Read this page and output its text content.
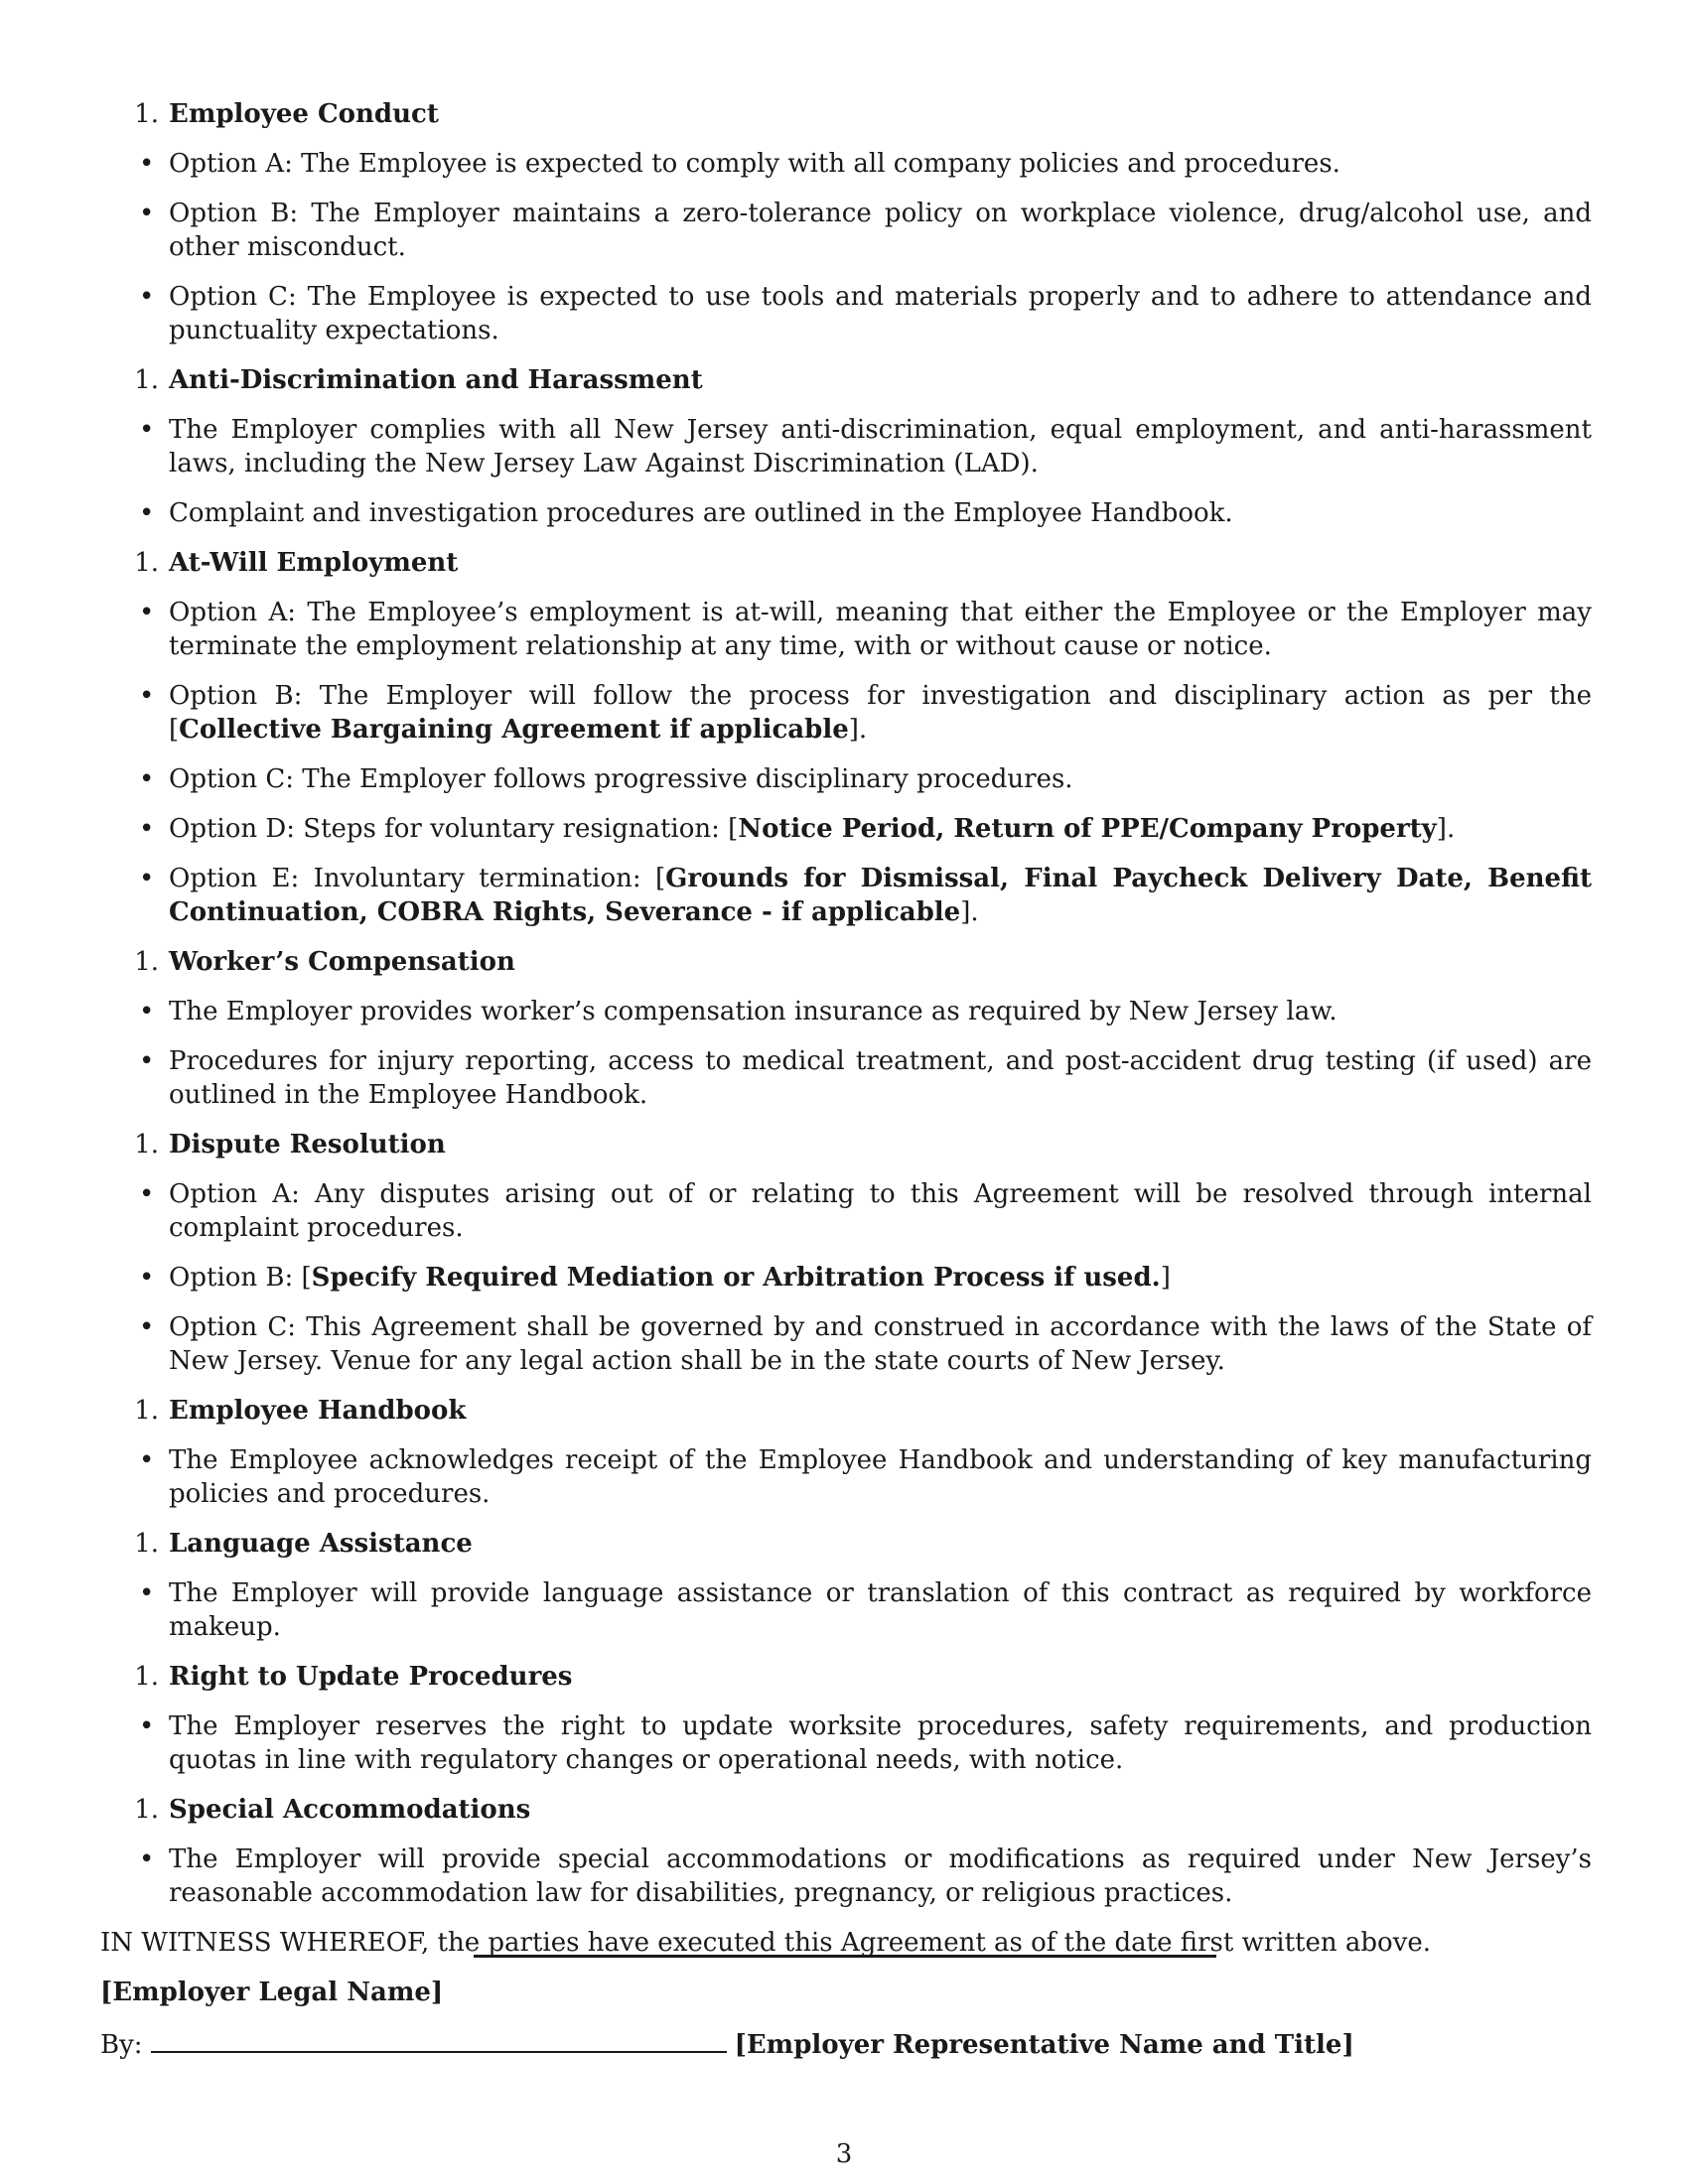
1. Employee Conduct
• Option A: The Employee is expected to comply with all company policies and procedures.
• Option B: The Employer maintains a zero-tolerance policy on workplace violence, drug/alcohol use, and other misconduct.
• Option C: The Employee is expected to use tools and materials properly and to adhere to attendance and punctuality expectations.
1. Anti-Discrimination and Harassment
• The Employer complies with all New Jersey anti-discrimination, equal employment, and anti-harassment laws, including the New Jersey Law Against Discrimination (LAD).
• Complaint and investigation procedures are outlined in the Employee Handbook.
1. At-Will Employment
• Option A: The Employee’s employment is at-will, meaning that either the Employee or the Employer may terminate the employment relationship at any time, with or without cause or notice.
• Option B: The Employer will follow the process for investigation and disciplinary action as per the [Collective Bargaining Agreement if applicable].
• Option C: The Employer follows progressive disciplinary procedures.
• Option D: Steps for voluntary resignation: [Notice Period, Return of PPE/Company Property].
• Option E: Involuntary termination: [Grounds for Dismissal, Final Paycheck Delivery Date, Benefit Continuation, COBRA Rights, Severance - if applicable].
1. Worker’s Compensation
• The Employer provides worker’s compensation insurance as required by New Jersey law.
• Procedures for injury reporting, access to medical treatment, and post-accident drug testing (if used) are outlined in the Employee Handbook.
1. Dispute Resolution
• Option A: Any disputes arising out of or relating to this Agreement will be resolved through internal complaint procedures.
• Option B: [Specify Required Mediation or Arbitration Process if used.]
• Option C: This Agreement shall be governed by and construed in accordance with the laws of the State of New Jersey. Venue for any legal action shall be in the state courts of New Jersey.
1. Employee Handbook
• The Employee acknowledges receipt of the Employee Handbook and understanding of key manufacturing policies and procedures.
1. Language Assistance
• The Employer will provide language assistance or translation of this contract as required by workforce makeup.
1. Right to Update Procedures
• The Employer reserves the right to update worksite procedures, safety requirements, and production quotas in line with regulatory changes or operational needs, with notice.
1. Special Accommodations
• The Employer will provide special accommodations or modifications as required under New Jersey’s reasonable accommodation law for disabilities, pregnancy, or religious practices.

IN WITNESS WHEREOF, the parties have executed this Agreement as of the date first written above.

[Employer Legal Name]
By:	[Employer Representative Name and Title]
3
